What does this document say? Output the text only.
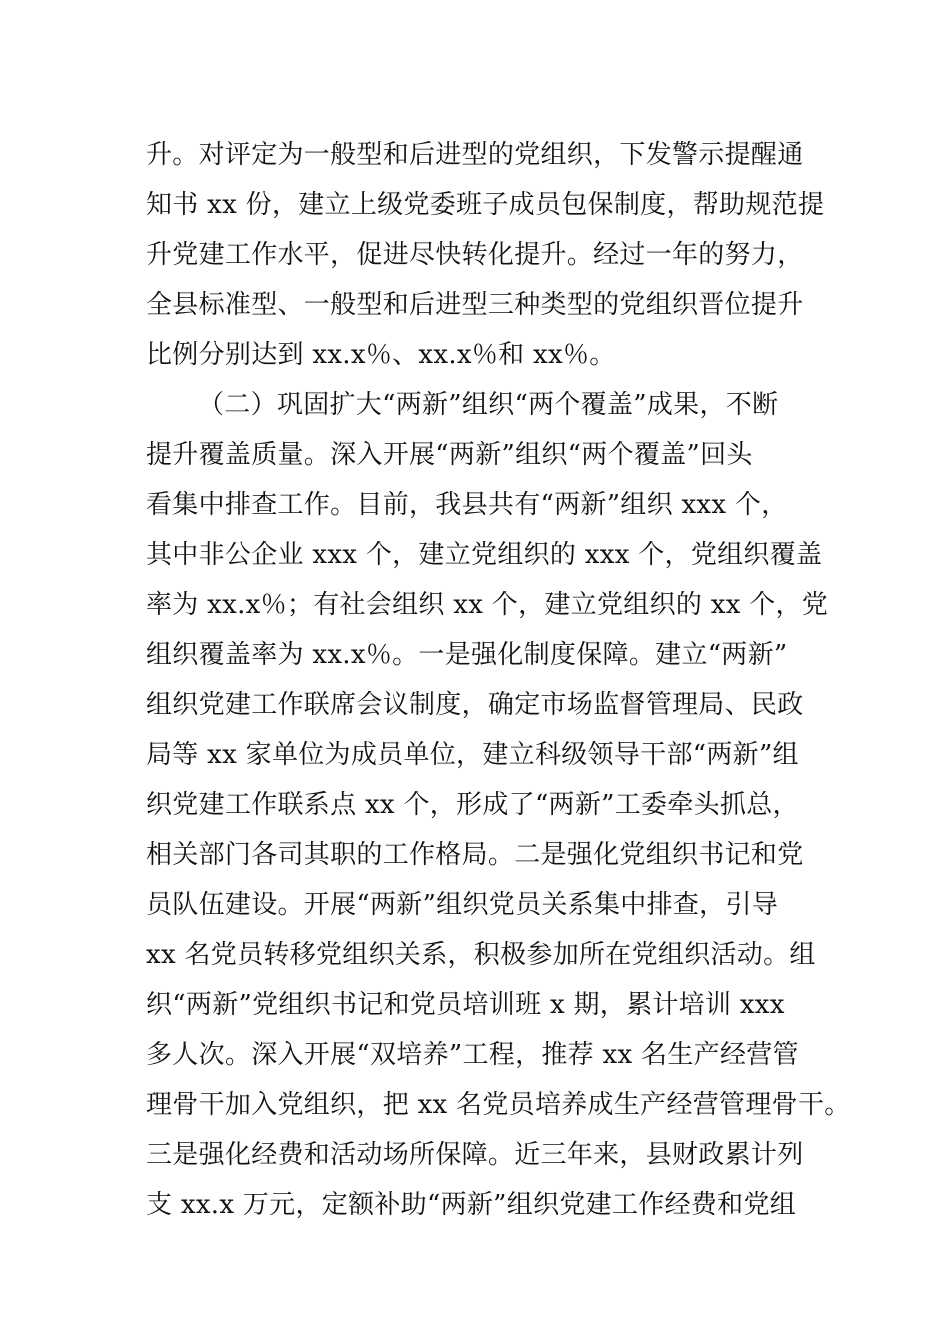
升。对评定为一般型和后进型的党组织，下发警示提醒通
知书 xx 份，建立上级党委班子成员包保制度，帮助规范提
升党建工作水平，促进尽快转化提升。经过一年的努力，
全县标准型、一般型和后进型三种类型的党组织晋位提升
比例分别达到 xx.x％、xx.x％和 xx％。
（二）巩固扩大“两新”组织“两个覆盖”成果，不断
提升覆盖质量。深入开展“两新”组织“两个覆盖”回头
看集中排查工作。目前，我县共有“两新”组织 xxx 个，
其中非公企业 xxx 个，建立党组织的 xxx 个，党组织覆盖
率为 xx.x％；有社会组织 xx 个，建立党组织的 xx 个，党
组织覆盖率为 xx.x％。一是强化制度保障。建立“两新”
组织党建工作联席会议制度，确定市场监督管理局、民政
局等 xx 家单位为成员单位，建立科级领导干部“两新”组
织党建工作联系点 xx 个，形成了“两新”工委牵头抓总，
相关部门各司其职的工作格局。二是强化党组织书记和党
员队伍建设。开展“两新”组织党员关系集中排查，引导
xx 名党员转移党组织关系，积极参加所在党组织活动。组
织“两新”党组织书记和党员培训班 x 期，累计培训 xxx
多人次。深入开展“双培养”工程，推荐 xx 名生产经营管
理骨干加入党组织，把 xx 名党员培养成生产经营管理骨干。
三是强化经费和活动场所保障。近三年来，县财政累计列
支 xx.x 万元，定额补助“两新”组织党建工作经费和党组
